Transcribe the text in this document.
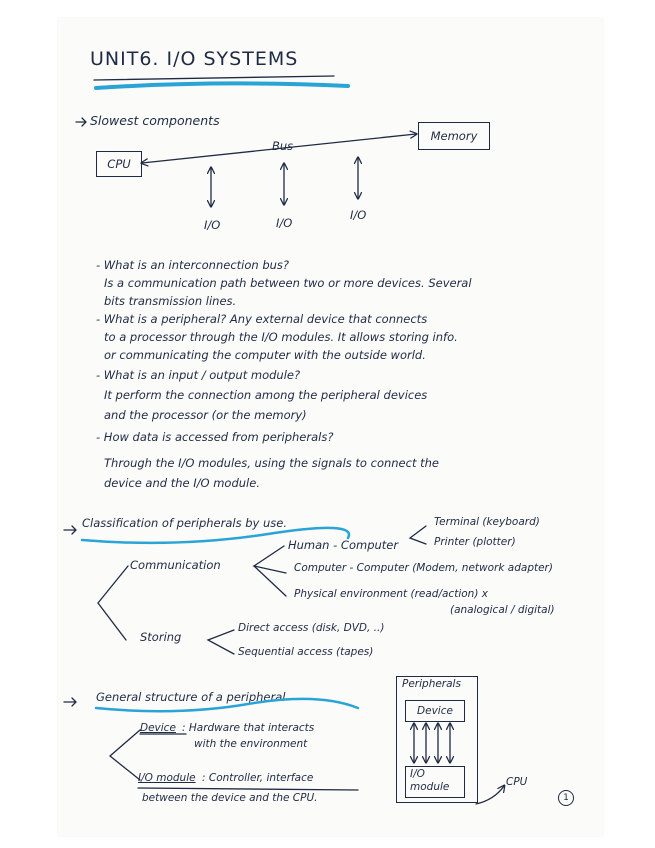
UNIT6. I/O SYSTEMS
Slowest components
CPU
Bus
Memory
I/O	I/O
I/O
- What is an interconnection bus?
Is a communication path between two or more devices. Several
bits transmission lines.
- What is a peripheral? Any external device that connects
to a processor through the I/O modules. It allows storing info.
or communicating the computer with the outside world.
- What is an input / output module?
It perform the connection among the peripheral devices
and the processor (or the memory)
- How data is accessed from peripherals?
Through the I/O modules, using the signals to connect the
device and the I/O module.
Classification of peripherals by use.
Human - Computer
Terminal (keyboard)
Printer (plotter)
Communication	Computer - Computer (Modem, network adapter)
Physical environment (read/action) x
(analogical / digital)
Storing
Direct access (disk, DVD, ..)
Sequential access (tapes)
General structure of a peripheral
Device : Hardware that interacts
with the environment
I/O module : Controller, interface
between the device and the CPU.
Peripherals
Device
I/O
module	CPU
1
